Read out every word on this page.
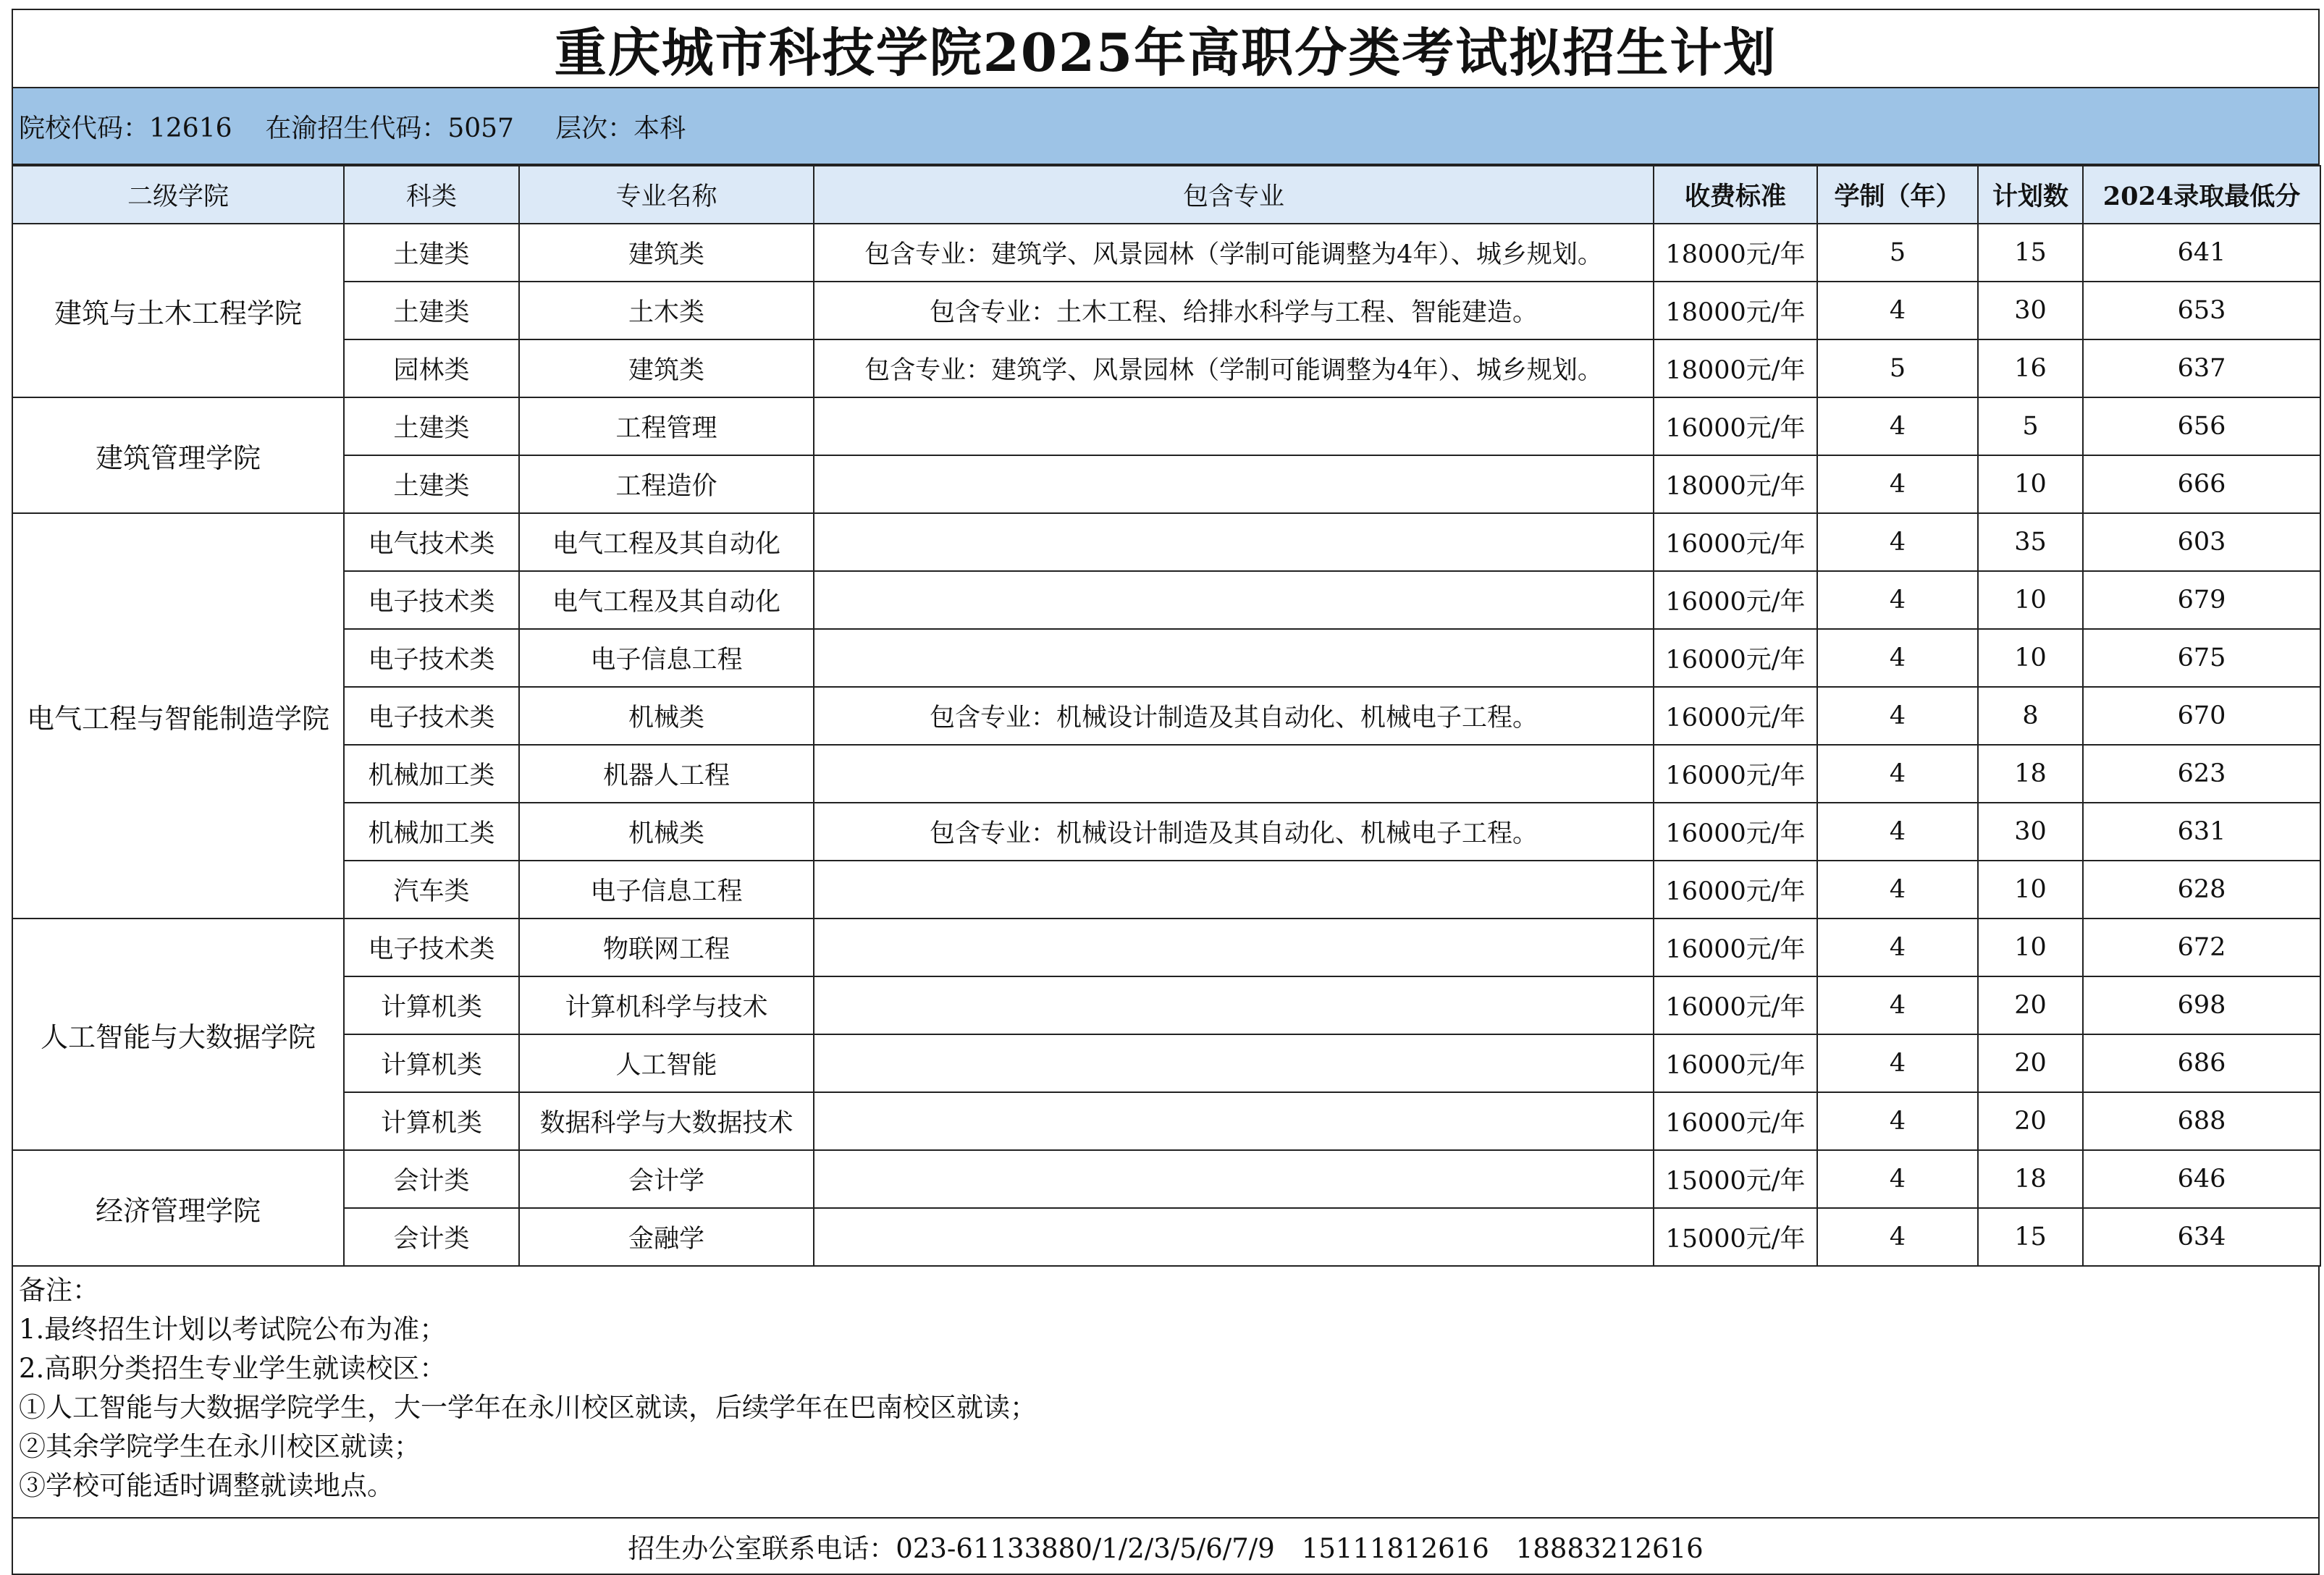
重庆城市科技学院2025年高职分类考试拟招生计划
院校代码：12616
在渝招生代码：5057
层次：本科
二级学院	科类	专业名称	包含专业	收费标准	学制（年）	计划数	2024录取最低分
建筑与土木工程学院	土建类	建筑类	包含专业：建筑学、风景园林（学制可能调整为4年）、城乡规划。	18000元/年	5	15	641
	土建类	土木类	包含专业：土木工程、给排水科学与工程、智能建造。	18000元/年	4	30	653
	园林类	建筑类	包含专业：建筑学、风景园林（学制可能调整为4年）、城乡规划。	18000元/年	5	16	637
建筑管理学院	土建类	工程管理		16000元/年	4	5	656
	土建类	工程造价		18000元/年	4	10	666
电气工程与智能制造学院	电气技术类	电气工程及其自动化		16000元/年	4	35	603
	电子技术类	电气工程及其自动化		16000元/年	4	10	679
	电子技术类	电子信息工程		16000元/年	4	10	675
	电子技术类	机械类	包含专业：机械设计制造及其自动化、机械电子工程。	16000元/年	4	8	670
	机械加工类	机器人工程		16000元/年	4	18	623
	机械加工类	机械类	包含专业：机械设计制造及其自动化、机械电子工程。	16000元/年	4	30	631
	汽车类	电子信息工程		16000元/年	4	10	628
人工智能与大数据学院	电子技术类	物联网工程		16000元/年	4	10	672
	计算机类	计算机科学与技术		16000元/年	4	20	698
	计算机类	人工智能		16000元/年	4	20	686
	计算机类	数据科学与大数据技术		16000元/年	4	20	688
经济管理学院	会计类	会计学		15000元/年	4	18	646
	会计类	金融学		15000元/年	4	15	634
备注：
1.最终招生计划以考试院公布为准；
2.高职分类招生专业学生就读校区：
①人工智能与大数据学院学生，大一学年在永川校区就读，后续学年在巴南校区就读；
②其余学院学生在永川校区就读；
③学校可能适时调整就读地点。
招生办公室联系电话：023-61133880/1/2/3/5/6/7/9　15111812616　18883212616
